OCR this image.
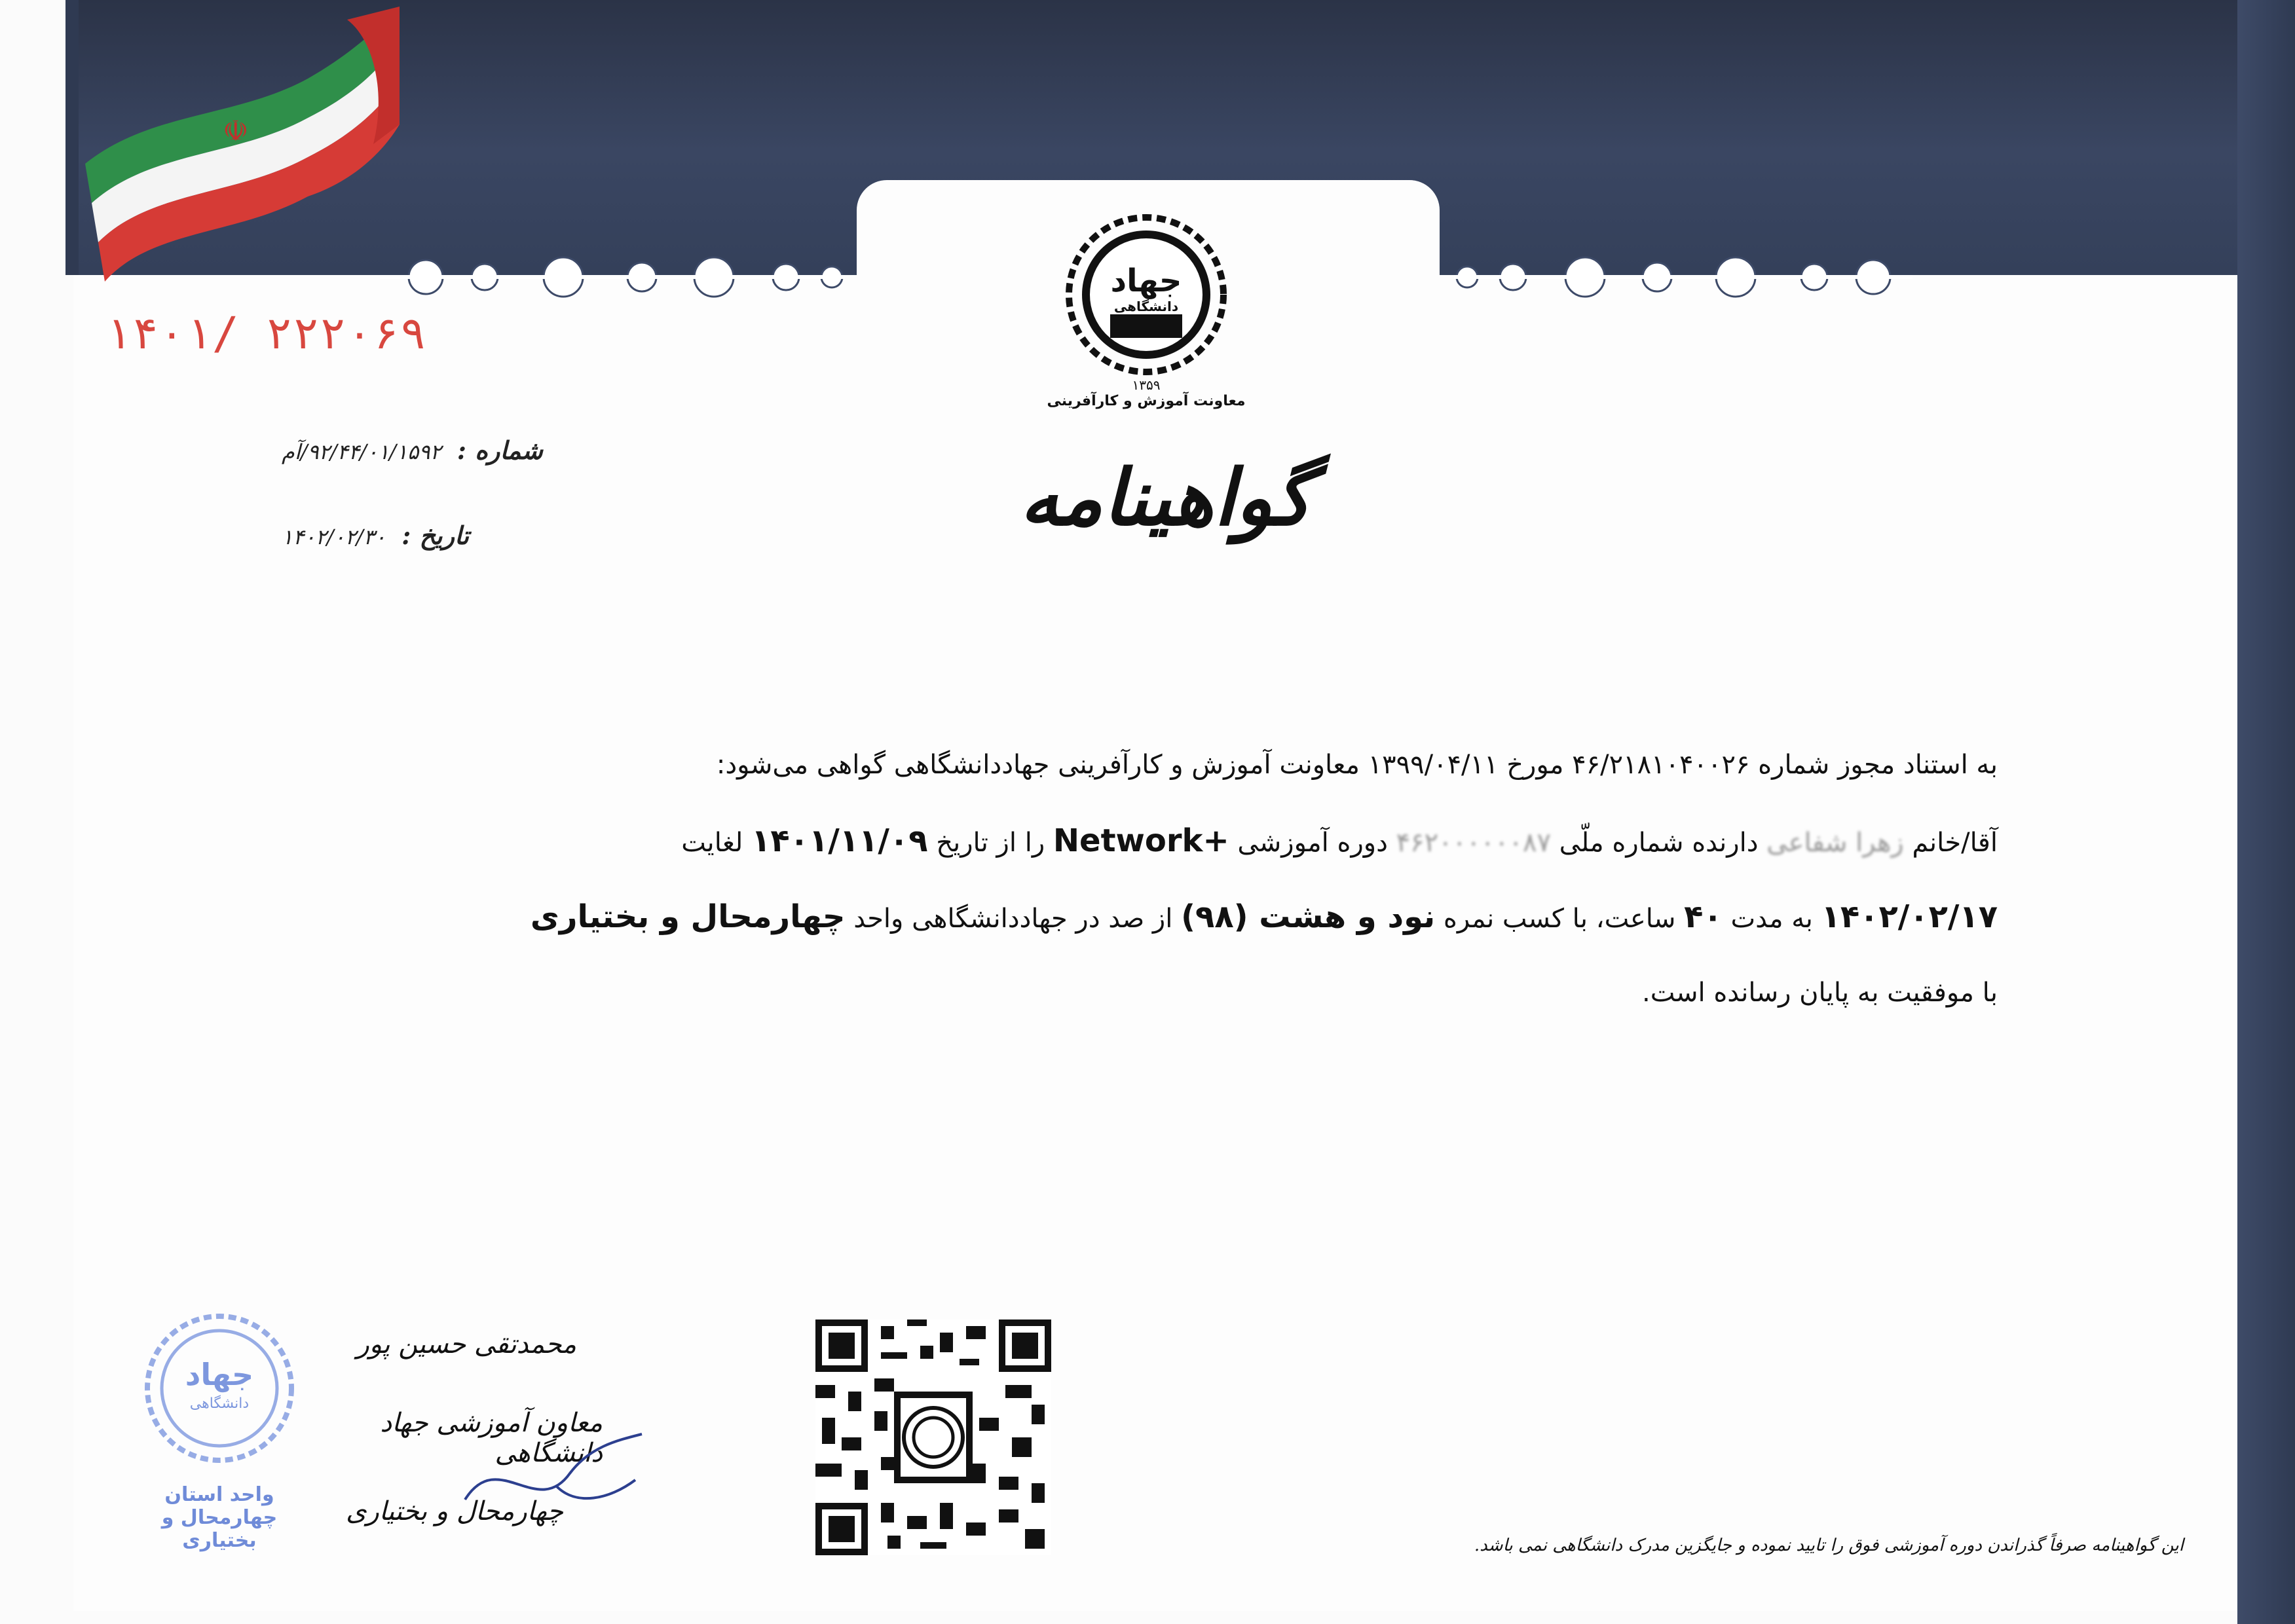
☫
جهاد
دانشگاهی
۱۳۵۹
معاونت آموزش و کارآفرینی
۱۴۰۱/ ۲۲۲۰۶۹
شماره : ۹۲/۴۴/۰۱/۱۵۹۲/آم
تاریخ : ۱۴۰۲/۰۲/۳۰	گواهینامه
به استناد مجوز شماره ۴۶/۲۱۸۱۰۴۰۰۲۶ مورخ ۱۳۹۹/۰۴/۱۱ معاونت آموزش و کارآفرینی جهاددانشگاهی گواهی می‌شود:
آقا/خانم زهرا شفاعی دارنده شماره ملّی ۴۶۲۰۰۰۰۰۰۸۷ دوره آموزشی Network+ را از تاریخ ۱۴۰۱/۱۱/۰۹ لغایت
۱۴۰۲/۰۲/۱۷ به مدت ۴۰ ساعت، با کسب نمره نود و هشت (۹۸) از صد در جهاددانشگاهی واحد چهارمحال و بختیاری
با موفقیت به پایان رسانده است.
جهاد
دانشگاهی
واحد استان
چهارمحال و بختیاری
محمدتقی حسین پور
معاون آموزشی جهاد دانشگاهی
چهارمحال و بختیاری
این گواهینامه صرفاً گذراندن دوره آموزشی فوق را تایید نموده و جایگزین مدرک دانشگاهی نمی باشد.
